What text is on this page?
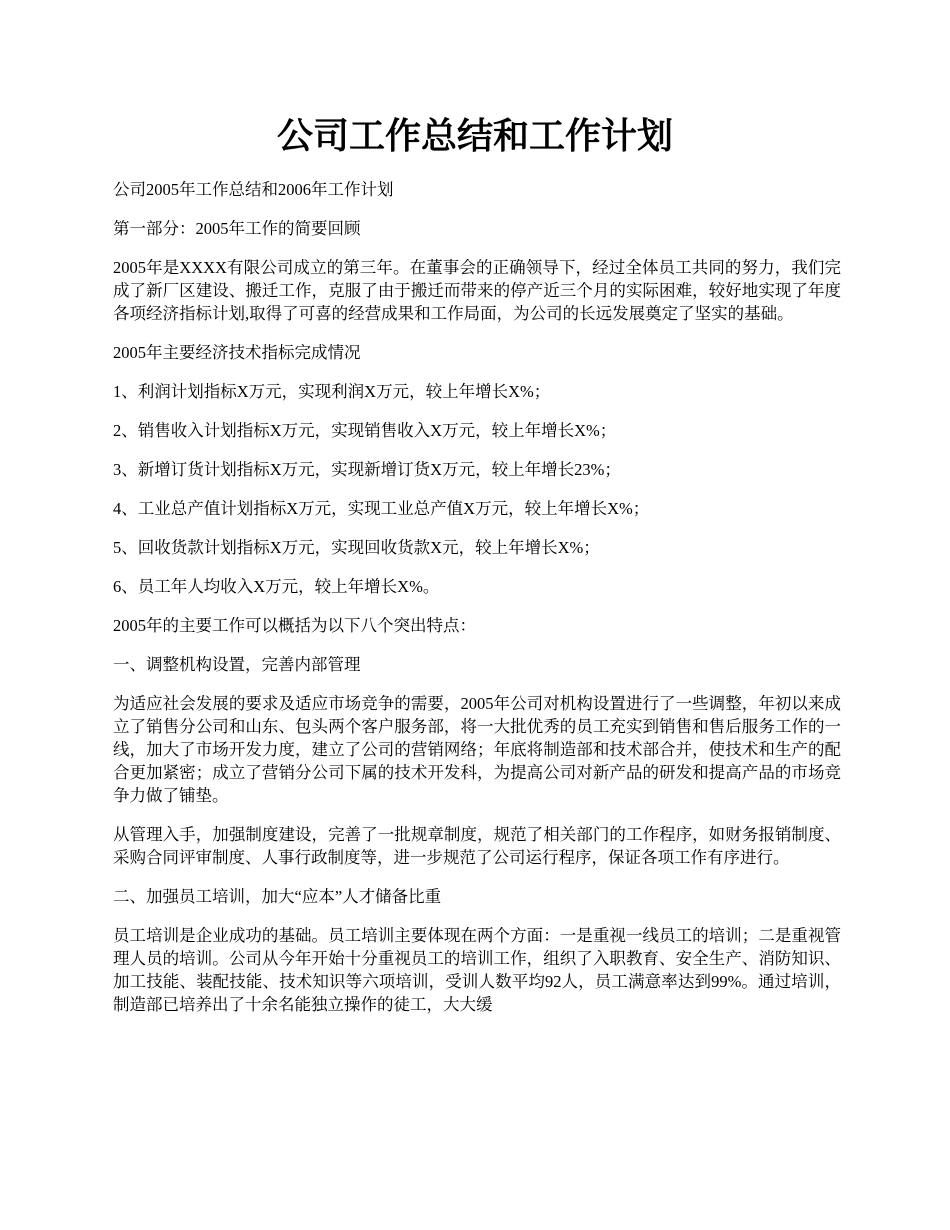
公司工作总结和工作计划

公司2005年工作总结和2006年工作计划

第一部分：2005年工作的简要回顾

2005年是XXXX有限公司成立的第三年。在董事会的正确领导下，经过全体员工共同的努力，我们完成了新厂区建设、搬迁工作，克服了由于搬迁而带来的停产近三个月的实际困难，较好地实现了年度各项经济指标计划,取得了可喜的经营成果和工作局面，为公司的长远发展奠定了坚实的基础。

2005年主要经济技术指标完成情况

1、利润计划指标X万元，实现利润X万元，较上年增长X%；

2、销售收入计划指标X万元，实现销售收入X万元，较上年增长X%；

3、新增订货计划指标X万元，实现新增订货X万元，较上年增长23%；

4、工业总产值计划指标X万元，实现工业总产值X万元，较上年增长X%；

5、回收货款计划指标X万元，实现回收货款X元，较上年增长X%；

6、员工年人均收入X万元，较上年增长X%。

2005年的主要工作可以概括为以下八个突出特点：

一、调整机构设置，完善内部管理

为适应社会发展的要求及适应市场竞争的需要，2005年公司对机构设置进行了一些调整，年初以来成立了销售分公司和山东、包头两个客户服务部，将一大批优秀的员工充实到销售和售后服务工作的一线，加大了市场开发力度，建立了公司的营销网络；年底将制造部和技术部合并，使技术和生产的配合更加紧密；成立了营销分公司下属的技术开发科，为提高公司对新产品的研发和提高产品的市场竞争力做了铺垫。

从管理入手，加强制度建设，完善了一批规章制度，规范了相关部门的工作程序，如财务报销制度、采购合同评审制度、人事行政制度等，进一步规范了公司运行程序，保证各项工作有序进行。

二、加强员工培训，加大“应本”人才储备比重

员工培训是企业成功的基础。员工培训主要体现在两个方面：一是重视一线员工的培训；二是重视管理人员的培训。公司从今年开始十分重视员工的培训工作，组织了入职教育、安全生产、消防知识、加工技能、装配技能、技术知识等六项培训，受训人数平均92人，员工满意率达到99%。通过培训，制造部已培养出了十余名能独立操作的徒工，大大缓
